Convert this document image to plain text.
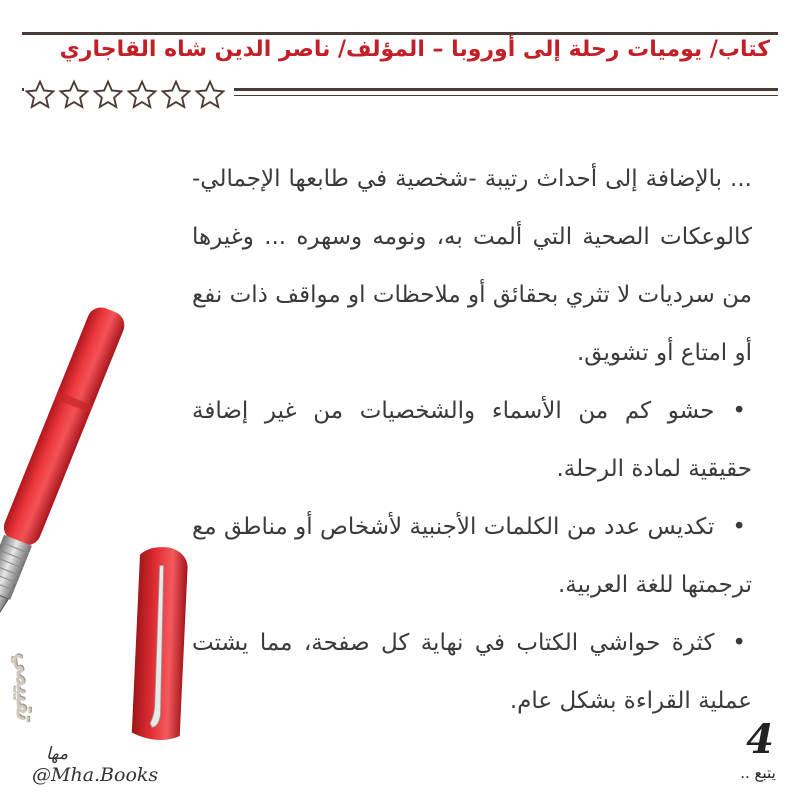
كتاب/ يوميات رحلة إلى أوروبا – المؤلف/ ناصر الدين شاه القاجاري

... بالإضافة إلى أحداث رتيبة -شخصية في طابعها الإجمالي- كالوعكات الصحية التي ألمت به، ونومه وسهره ... وغيرها من سرديات لا تثري بحقائق أو ملاحظات او مواقف ذات نفع أو امتاع أو تشويق.

•حشو كم من الأسماء والشخصيات من غير إضافة حقيقية لمادة الرحلة.

•تكديس عدد من الكلمات الأجنبية لأشخاص أو مناطق مع ترجمتها للغة العربية.

•كثرة حواشي الكتاب في نهاية كل صفحة، مما يشتت عملية القراءة بشكل عام.

تقييمي
مها
@Mha.Books
4
يتبع ..
